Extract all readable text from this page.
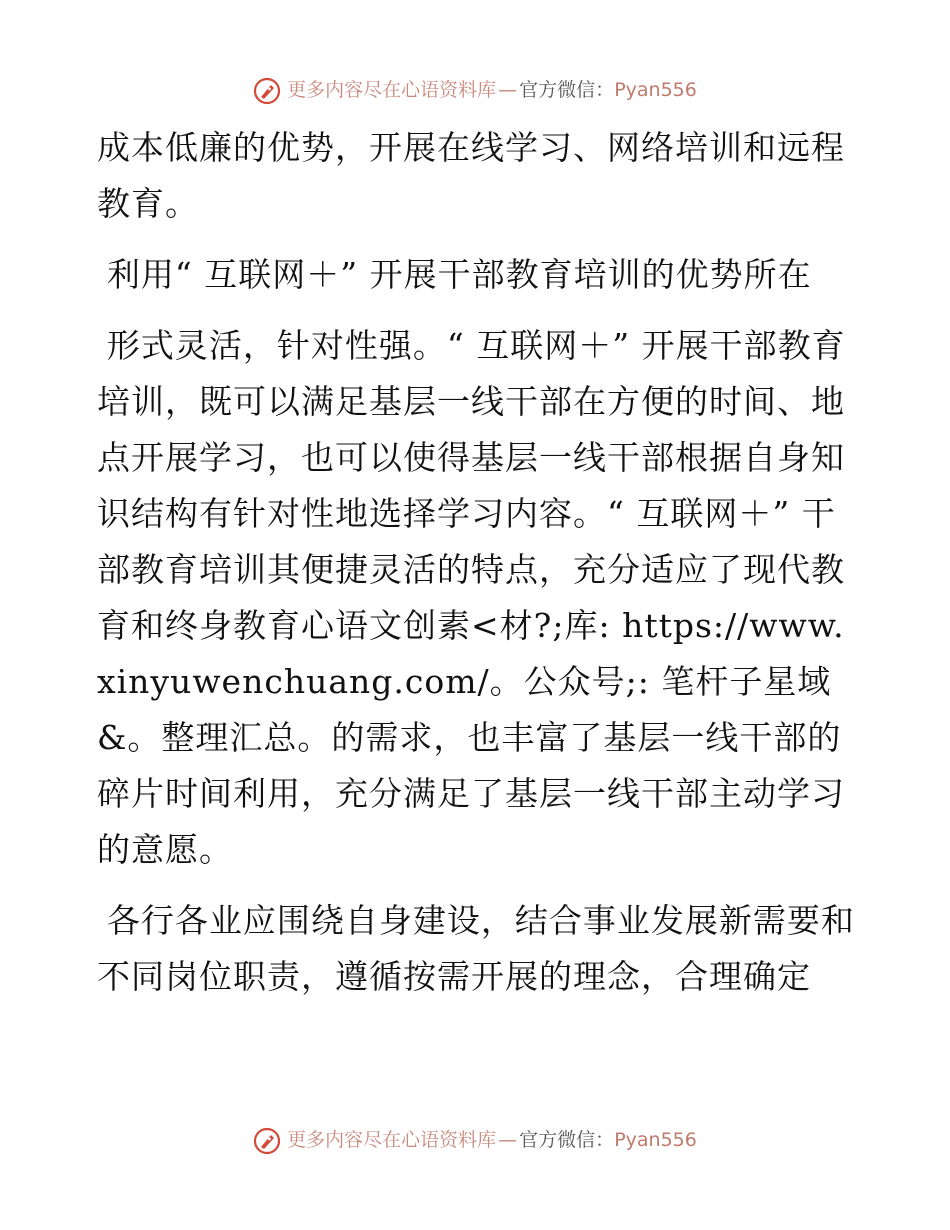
更多内容尽在心语资料库 — 官方微信：Pyan556

成本低廉的优势，开展在线学习、网络培训和远程教育。

利用“ 互联网＋” 开展干部教育培训的优势所在

形式灵活，针对性强。“ 互联网＋” 开展干部教育培训，既可以满足基层一线干部在方便的时间、地点开展学习，也可以使得基层一线干部根据自身知识结构有针对性地选择学习内容。“ 互联网＋” 干部教育培训其便捷灵活的特点，充分适应了现代教育和终身教育心语文创素<材?;库: https://www.xinyuwenchuang.com/。公众号;: 笔杆子星域&。整理汇总。的需求，也丰富了基层一线干部的碎片时间利用，充分满足了基层一线干部主动学习的意愿。

各行各业应围绕自身建设，结合事业发展新需要和不同岗位职责，遵循按需开展的理念，合理确定

更多内容尽在心语资料库 — 官方微信：Pyan556
